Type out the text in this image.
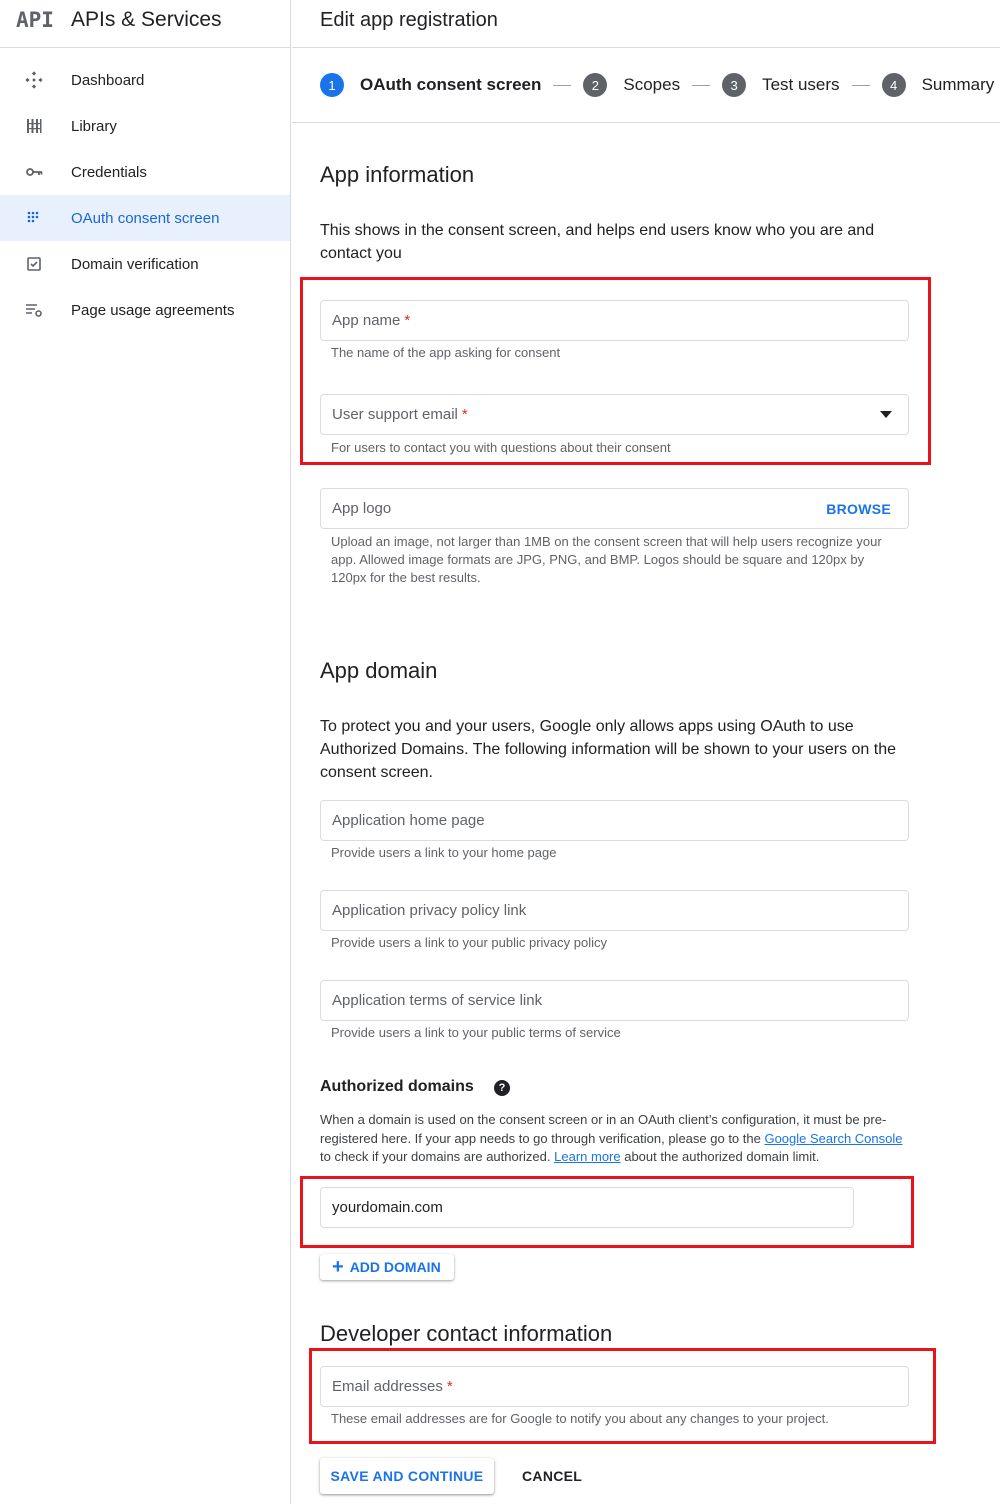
API APIs & Services
Dashboard
Library
Credentials
OAuth consent screen
Domain verification
Page usage agreements
Edit app registration
1	OAuth consent screen	2	Scopes	3	Test users	4	Summary
App information

This shows in the consent screen, and helps end users know who you are and contact you

App name *
The name of the app asking for consent
User support email *
For users to contact you with questions about their consent
App logo	BROWSE
Upload an image, not larger than 1MB on the consent screen that will help users recognize your app. Allowed image formats are JPG, PNG, and BMP. Logos should be square and 120px by 120px for the best results.
App domain

To protect you and your users, Google only allows apps using OAuth to use Authorized Domains. The following information will be shown to your users on the consent screen.

Application home page
Provide users a link to your home page
Application privacy policy link
Provide users a link to your public privacy policy
Application terms of service link
Provide users a link to your public terms of service
Authorized domains	?

When a domain is used on the consent screen or in an OAuth client’s configuration, it must be pre-registered here. If your app needs to go through verification, please go to the Google Search Console to check if your domains are authorized. Learn more about the authorized domain limit.

yourdomain.com
+ ADD DOMAIN
Developer contact information
Email addresses *
These email addresses are for Google to notify you about any changes to your project.
SAVE AND CONTINUE	CANCEL
